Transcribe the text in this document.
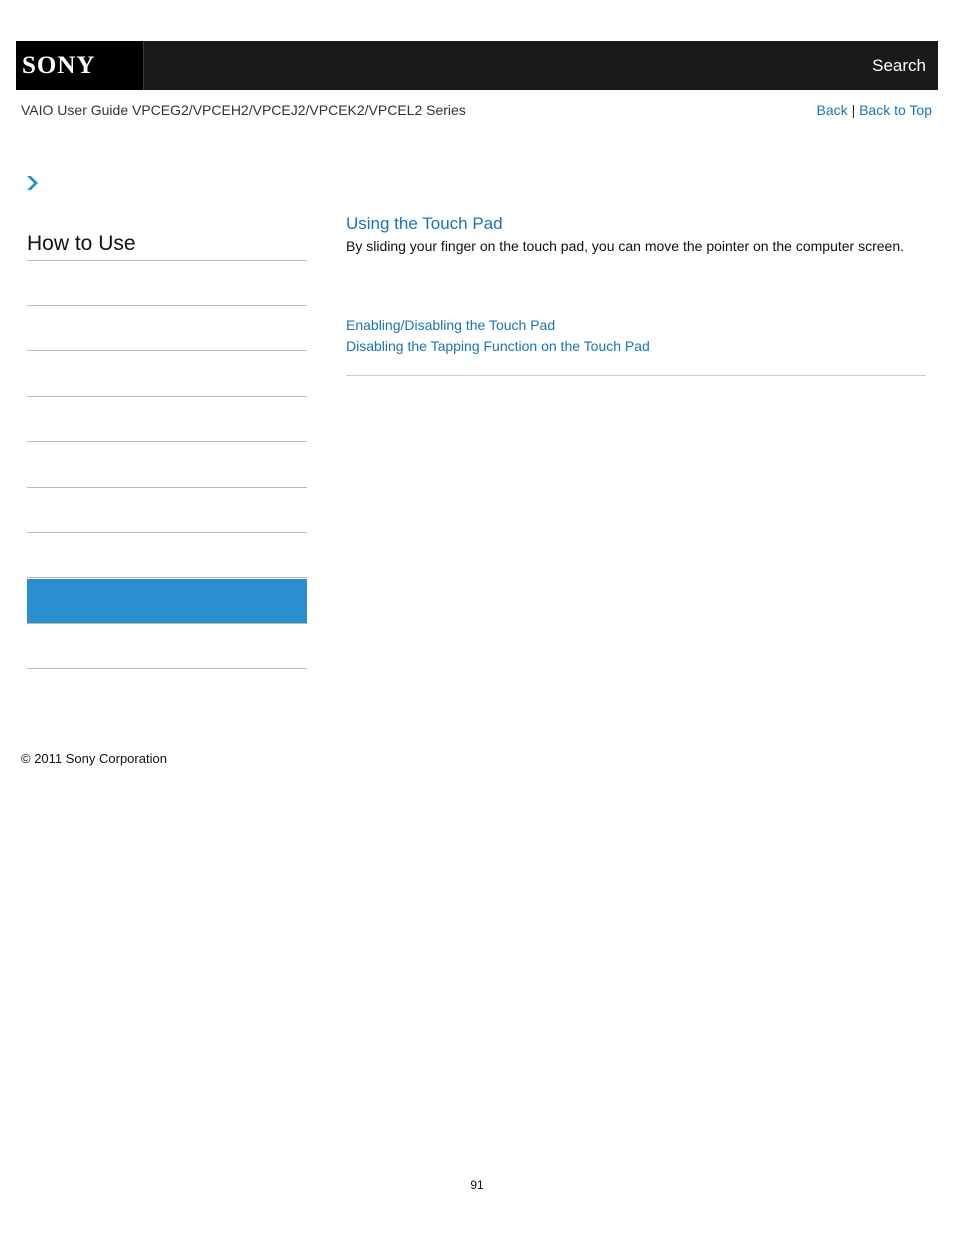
SONY	Search
VAIO User Guide VPCEG2/VPCEH2/VPCEJ2/VPCEK2/VPCEL2 Series	Back | Back to Top
How to Use
Using the Touch Pad
By sliding your finger on the touch pad, you can move the pointer on the computer screen.
Enabling/Disabling the Touch Pad
Disabling the Tapping Function on the Touch Pad
© 2011 Sony Corporation
91
